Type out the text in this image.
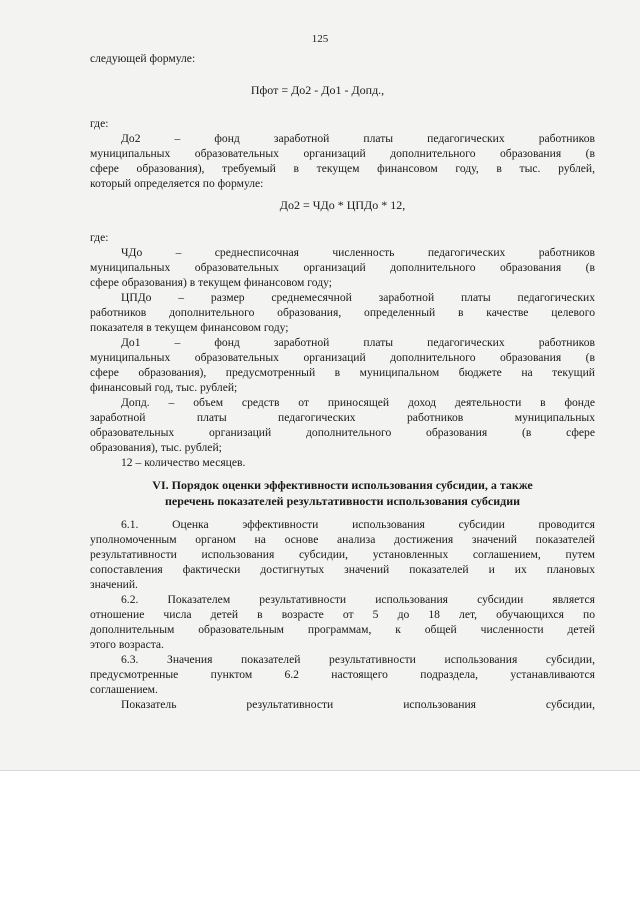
125
следующей формуле:
Пфот = До2 - До1 - Допд.,
где:
До2 – фонд заработной платы педагогических работников
муниципальных образовательных организаций дополнительного образования (в
сфере образования), требуемый в текущем финансовом году, в тыс. рублей,
который определяется по формуле:
До2 = ЧДо * ЦПДо * 12,
где:
ЧДо – среднесписочная численность педагогических работников
муниципальных образовательных организаций дополнительного образования (в
сфере образования) в текущем финансовом году;
ЦПДо – размер среднемесячной заработной платы педагогических
работников дополнительного образования, определенный в качестве целевого
показателя в текущем финансовом году;
До1 – фонд заработной платы педагогических работников
муниципальных образовательных организаций дополнительного образования (в
сфере образования), предусмотренный в муниципальном бюджете на текущий
финансовый год, тыс. рублей;
Допд. – объем средств от приносящей доход деятельности в фонде
заработной платы педагогических работников муниципальных
образовательных организаций дополнительного образования (в сфере
образования), тыс. рублей;
12 – количество месяцев.
VI. Порядок оценки эффективности использования субсидии, а также
перечень показателей результативности использования субсидии
6.1. Оценка эффективности использования субсидии проводится
уполномоченным органом на основе анализа достижения значений показателей
результативности использования субсидии, установленных соглашением, путем
сопоставления фактически достигнутых значений показателей и их плановых
значений.
6.2. Показателем результативности использования субсидии является
отношение числа детей в возрасте от 5 до 18 лет, обучающихся по
дополнительным образовательным программам, к общей численности детей
этого возраста.
6.3. Значения показателей результативности использования субсидии,
предусмотренные пунктом 6.2 настоящего подраздела, устанавливаются
соглашением.
Показатель результативности использования субсидии,
